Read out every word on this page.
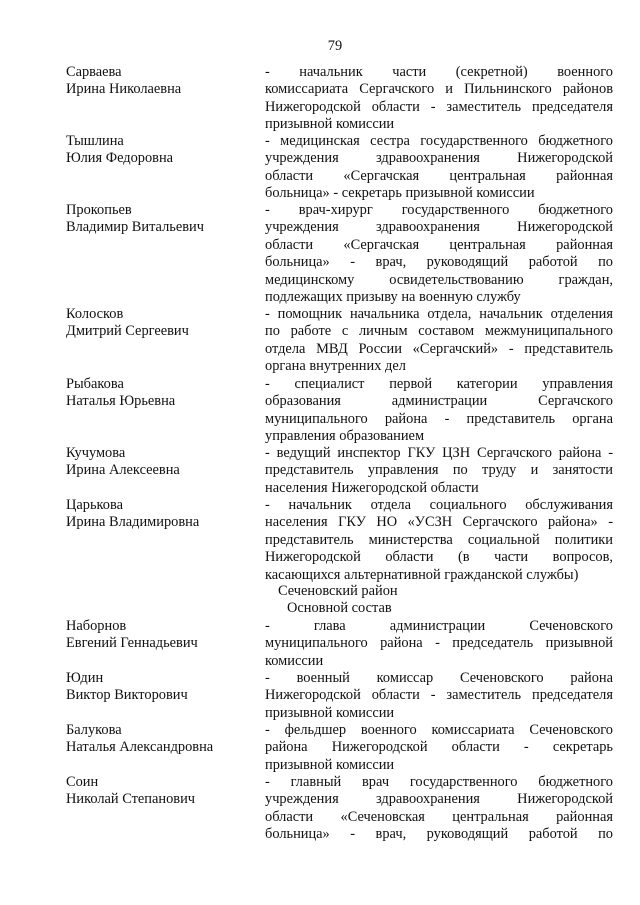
79
Сарваева
Ирина Николаевна
- начальник части (секретной) военного
комиссариата Сергачского и Пильнинского районов
Нижегородской области - заместитель председателя
призывной комиссии
Тышлина
Юлия Федоровна
- медицинская сестра государственного бюджетного
учреждения здравоохранения Нижегородской
области «Сергачская центральная районная
больница» - секретарь призывной комиссии
Прокопьев
Владимир Витальевич
- врач-хирург государственного бюджетного
учреждения здравоохранения Нижегородской
области «Сергачская центральная районная
больница» - врач, руководящий работой по
медицинскому освидетельствованию граждан,
подлежащих призыву на военную службу
Колосков
Дмитрий Сергеевич
- помощник начальника отдела, начальник отделения
по работе с личным составом межмуниципального
отдела МВД России «Сергачский» - представитель
органа внутренних дел
Рыбакова
Наталья Юрьевна
- специалист первой категории управления
образования администрации Сергачского
муниципального района - представитель органа
управления образованием
Кучумова
Ирина Алексеевна
- ведущий инспектор ГКУ ЦЗН Сергачского района -
представитель управления по труду и занятости
населения Нижегородской области
Царькова
Ирина Владимировна
- начальник отдела социального обслуживания
населения ГКУ НО «УСЗН Сергачского района» -
представитель министерства социальной политики
Нижегородской области (в части вопросов,
касающихся альтернативной гражданской службы)
Сеченовский район
Основной состав
Наборнов
Евгений Геннадьевич
- глава администрации Сеченовского
муниципального района - председатель призывной
комиссии
Юдин
Виктор Викторович
- военный комиссар Сеченовского района
Нижегородской области - заместитель председателя
призывной комиссии
Балукова
Наталья Александровна
- фельдшер военного комиссариата Сеченовского
района Нижегородской области - секретарь
призывной комиссии
Соин
Николай Степанович
- главный врач государственного бюджетного
учреждения здравоохранения Нижегородской
области «Сеченовская центральная районная
больница» - врач, руководящий работой по
